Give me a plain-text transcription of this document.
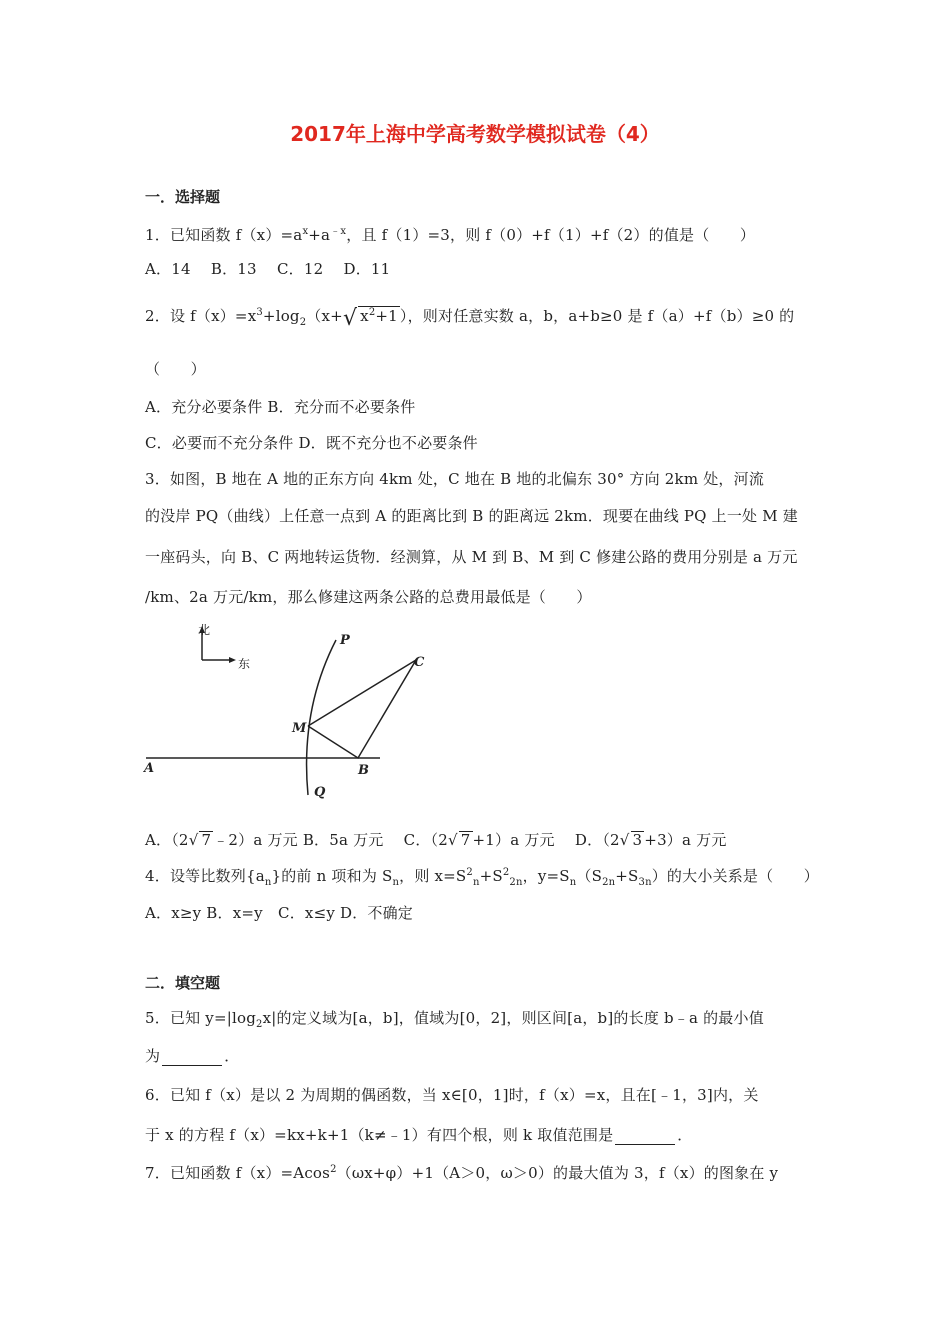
2017年上海中学高考数学模拟试卷（4）
一．选择题
1．已知函数 $f(x)=a^x+a^{﹣x}$，且 f（1）=3，则 f（0）+f（1）+f（2）的值是（　　）
A．14　 B．13　 C．12　 D．11
2．设 $f(x)=x^3+\log_2(x+√$ $x^2+1$ ），则对任意实数 a，b，a+b≥0 是 f（a）+f（b）≥0 的
（　　）
A．充分必要条件 B．充分而不必要条件
C．必要而不充分条件 D．既不充分也不必要条件
3．如图，B 地在 A 地的正东方向 4km 处，C 地在 B 地的北偏东 30° 方向 2km 处，河流
的没岸 PQ（曲线）上任意一点到 A 的距离比到 B 的距离远 2km．现要在曲线 PQ 上一处 M 建
一座码头，向 B、C 两地转运货物．经测算，从 M 到 B、M 到 C 修建公路的费用分别是 a 万元
/km、2a 万元/km，那么修建这两条公路的总费用最低是（　　）
北
东
A	B
C
M
P
Q
A．（2√ 7 ﹣2）a 万元 B．5a 万元　 C．（2√ 7 +1）a 万元　 D．（2√ 3 +3）a 万元
4．设等比数列$\{a_n\}$的前 n 项和为 $S_n$，则 $x=S^2_n+S^2_{2n}$，$y=S_n(S_{2n}+S_{3n})$的大小关系是（　　）
A．x≥y B．x=y　C．x≤y D．不确定
二．填空题
5．已知 $y=|\log_2x|$的定义域为[a，b]，值域为[0，2]，则区间[a，b]的长度 b﹣a 的最小值
为	．
6．已知 f（x）是以 2 为周期的偶函数，当 x∈[0，1]时，f（x）=x，且在[﹣1，3]内，关
于 x 的方程 f（x）=kx+k+1（k≠﹣1）有四个根，则 k 取值范围是	．
7．已知函数 f（x）=Acos$^2$（ωx+φ）+1（A＞0，ω＞0）的最大值为 3，f（x）的图象在 y
